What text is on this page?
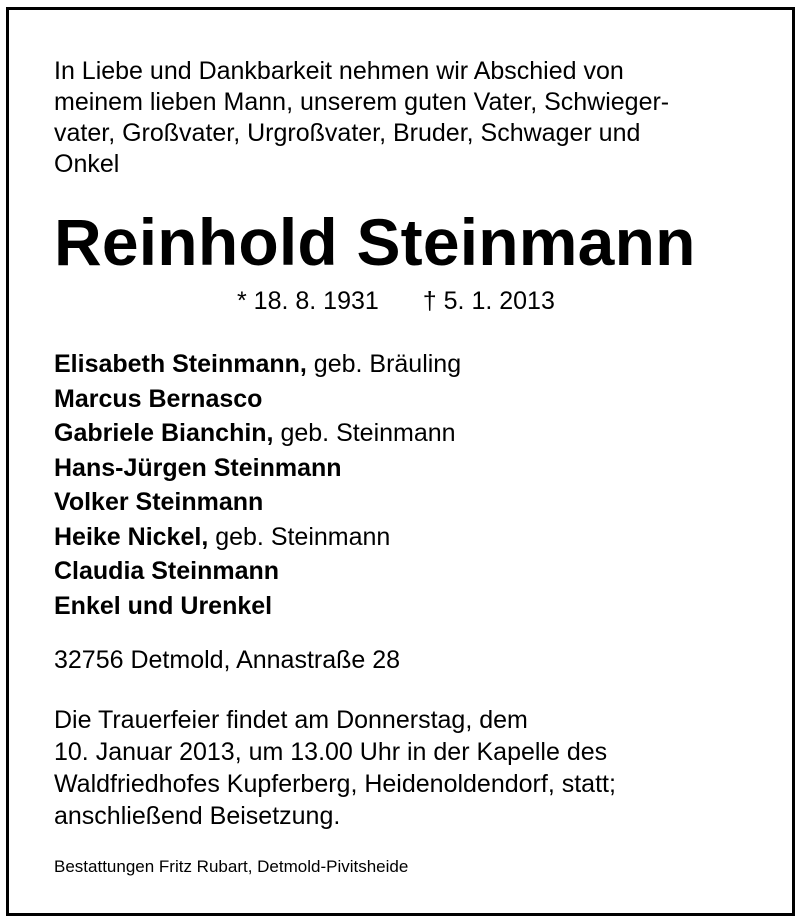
In Liebe und Dankbarkeit nehmen wir Abschied von
meinem lieben Mann, unserem guten Vater, Schwieger-
vater, Großvater, Urgroßvater, Bruder, Schwager und
Onkel

Reinhold Steinmann
* 18. 8. 1931 † 5. 1. 2013
Elisabeth Steinmann, geb. Bräuling
Marcus Bernasco
Gabriele Bianchin, geb. Steinmann
Hans-Jürgen Steinmann
Volker Steinmann
Heike Nickel, geb. Steinmann
Claudia Steinmann
Enkel und Urenkel
32756 Detmold, Annastraße 28

Die Trauerfeier findet am Donnerstag, dem
10. Januar 2013, um 13.00 Uhr in der Kapelle des
Waldfriedhofes Kupferberg, Heidenoldendorf, statt;
anschließend Beisetzung.

Bestattungen Fritz Rubart, Detmold-Pivitsheide
